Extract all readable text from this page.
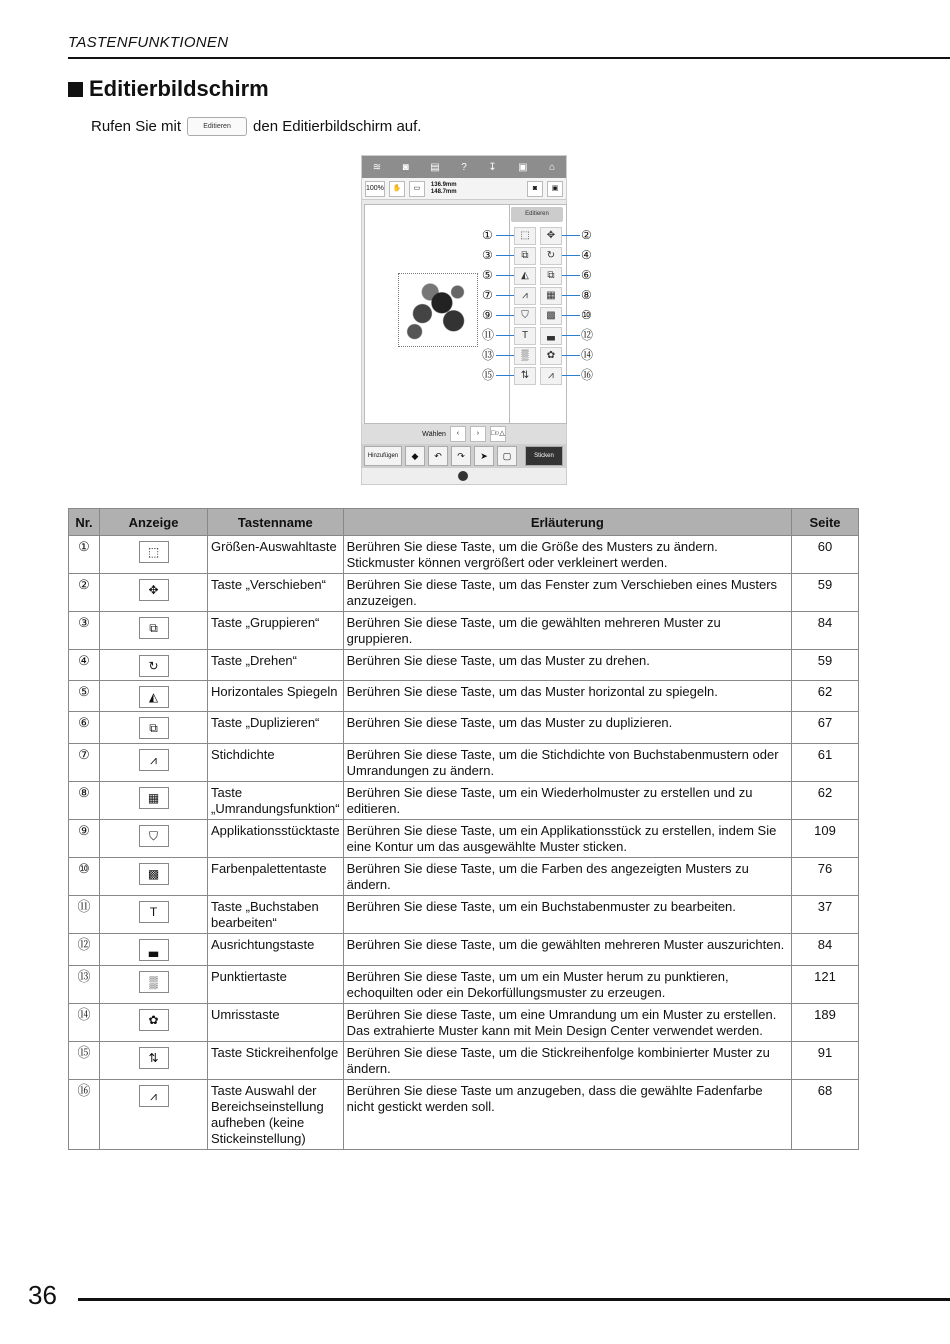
TASTENFUNKTIONEN
Editierbildschirm
Rufen Sie mit	Editieren	den Editierbildschirm auf.
≋ ◙ ▤ ? ↧ ▣ ⌂
100%	✋	▭	136.9mm
148.7mm	◙	▣
Editieren
⬚	✥
⧉	↻
◭	⧉
⩘	▦
⛉	▩
T	▃
▒	✿
⇅	⩘
①	②
③	④
⑤	⑥
⑦	⑧
⑨	⑩
⑪	⑫
⑬	⑭
⑮	⑯
Wählen	‹	›	□○△
Hinzufügen	◆	↶	↷	➤	▢	Sticken
Nr.	Anzeige	Tastenname	Erläuterung	Seite
①	⬚	Größen-Auswahltaste	Berühren Sie diese Taste, um die Größe des Musters zu ändern. Stickmuster können vergrößert oder verkleinert werden.	60
②	✥	Taste „Verschieben“	Berühren Sie diese Taste, um das Fenster zum Verschieben eines Musters anzuzeigen.	59
③	⧉	Taste „Gruppieren“	Berühren Sie diese Taste, um die gewählten mehreren Muster zu gruppieren.	84
④	↻	Taste „Drehen“	Berühren Sie diese Taste, um das Muster zu drehen.	59
⑤	◭	Horizontales Spiegeln	Berühren Sie diese Taste, um das Muster horizontal zu spiegeln.	62
⑥	⧉	Taste „Duplizieren“	Berühren Sie diese Taste, um das Muster zu duplizieren.	67
⑦	⩘	Stichdichte	Berühren Sie diese Taste, um die Stichdichte von Buchstabenmustern oder Umrandungen zu ändern.	61
⑧	▦	Taste „Umrandungsfunktion“	Berühren Sie diese Taste, um ein Wiederholmuster zu erstellen und zu editieren.	62
⑨	⛉	Applikationsstücktaste	Berühren Sie diese Taste, um ein Applikationsstück zu erstellen, indem Sie eine Kontur um das ausgewählte Muster sticken.	109
⑩	▩	Farbenpalettentaste	Berühren Sie diese Taste, um die Farben des angezeigten Musters zu ändern.	76
⑪	T	Taste „Buchstaben bearbeiten“	Berühren Sie diese Taste, um ein Buchstabenmuster zu bearbeiten.	37
⑫	▃	Ausrichtungstaste	Berühren Sie diese Taste, um die gewählten mehreren Muster auszurichten.	84
⑬	▒	Punktiertaste	Berühren Sie diese Taste, um um ein Muster herum zu punktieren, echoquilten oder ein Dekorfüllungsmuster zu erzeugen.	121
⑭	✿	Umrisstaste	Berühren Sie diese Taste, um eine Umrandung um ein Muster zu erstellen. Das extrahierte Muster kann mit Mein Design Center verwendet werden.	189
⑮	⇅	Taste Stickreihenfolge	Berühren Sie diese Taste, um die Stickreihenfolge kombinierter Muster zu ändern.	91
⑯	⩘	Taste Auswahl der Bereichseinstellung aufheben (keine Stickeinstellung)	Berühren Sie diese Taste um anzugeben, dass die gewählte Fadenfarbe nicht gestickt werden soll.	68
36
